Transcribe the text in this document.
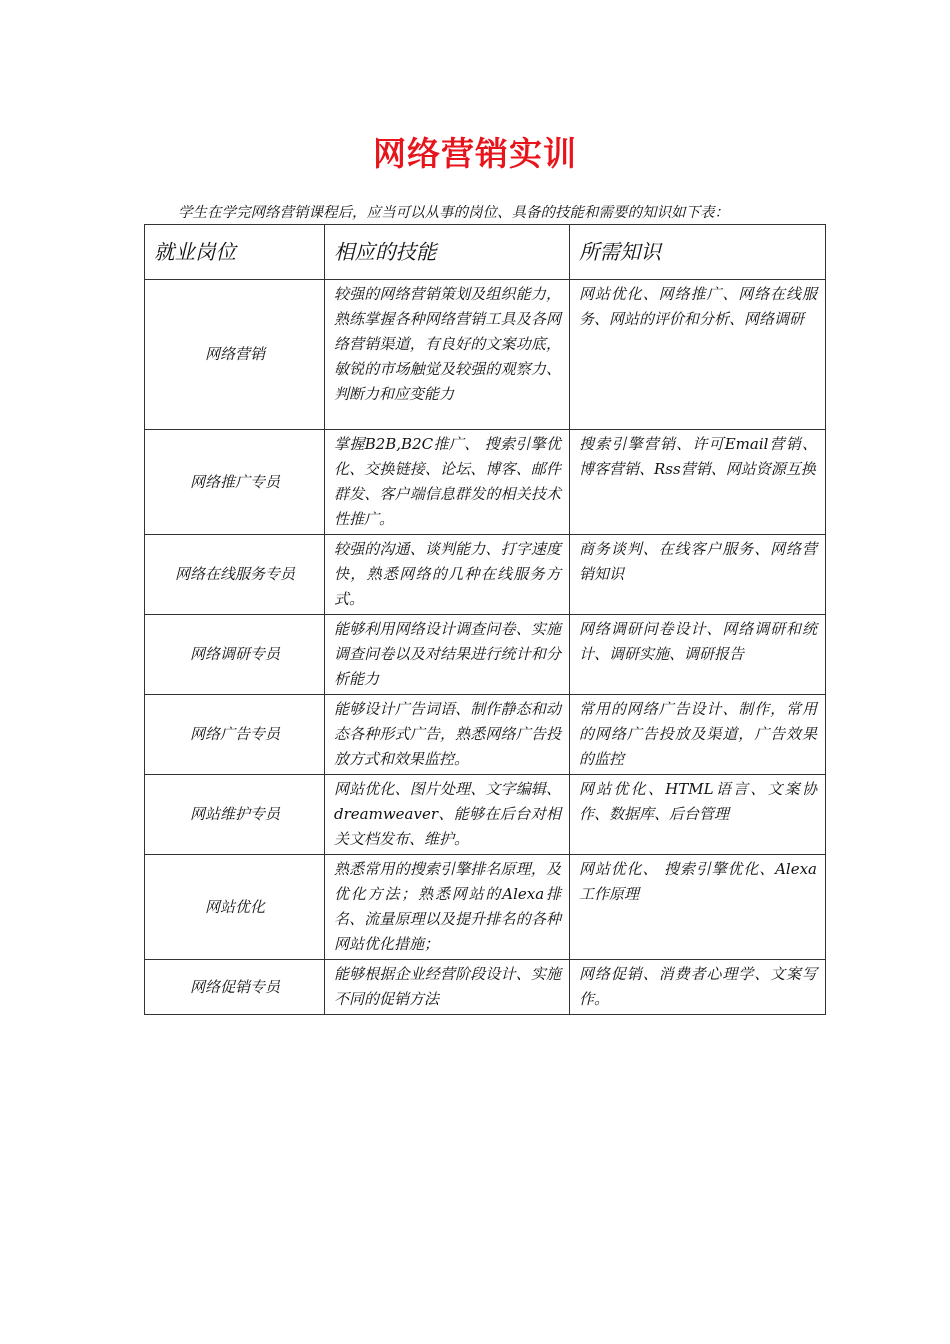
网络营销实训

学生在学完网络营销课程后，应当可以从事的岗位、具备的技能和需要的知识如下表：

就业岗位	相应的技能	所需知识
网络营销	较强的网络营销策划及组织能力，熟练掌握各种网络营销工具及各网络营销渠道，有良好的文案功底，敏锐的市场触觉及较强的观察力、判断力和应变能力	网站优化、网络推广、网络在线服务、网站的评价和分析、网络调研
网络推广专员	掌握B2B,B2C推广、 搜索引擎优化、交换链接、论坛、博客、邮件群发、客户端信息群发的相关技术性推广。	搜索引擎营销、许可Email营销、博客营销、Rss营销、网站资源互换
网络在线服务专员	较强的沟通、谈判能力、打字速度快，熟悉网络的几种在线服务方式。	商务谈判、在线客户服务、网络营销知识
网络调研专员	能够利用网络设计调查问卷、实施调查问卷以及对结果进行统计和分析能力	网络调研问卷设计、网络调研和统计、调研实施、调研报告
网络广告专员	能够设计广告词语、制作静态和动态各种形式广告，熟悉网络广告投放方式和效果监控。	常用的网络广告设计、制作，常用的网络广告投放及渠道，广告效果的监控
网站维护专员	网站优化、图片处理、文字编辑、dreamweaver、能够在后台对相关文档发布、维护。	网站优化、HTML语言、文案协作、数据库、后台管理
网站优化	熟悉常用的搜索引擎排名原理，及优化方法；熟悉网站的Alexa排名、流量原理以及提升排名的各种网站优化措施；	网站优化、 搜索引擎优化、Alexa工作原理
网络促销专员	能够根据企业经营阶段设计、实施不同的促销方法	网络促销、消费者心理学、文案写作。
